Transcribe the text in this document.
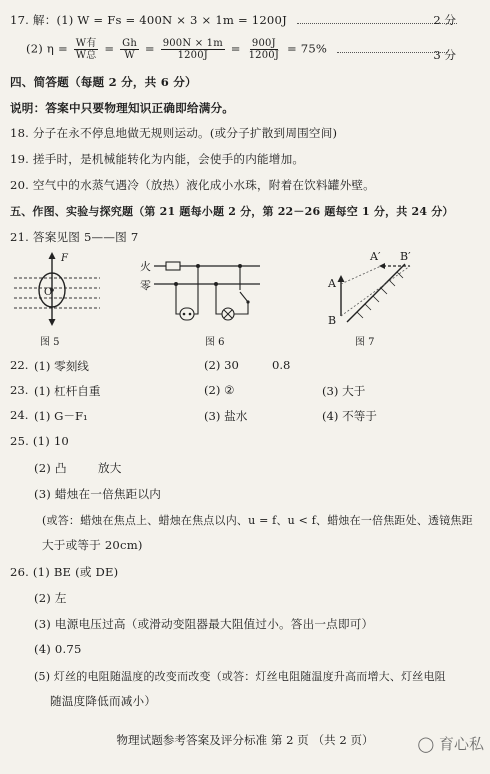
17. 解：(1) W = Fs = 400N × 3 × 1m = 1200J	2 分
(2) $\eta = \frac{\text{W有}}{\text{W总}} = \frac{Gh}{W} = \frac{900N \times 1m}{1200J} = \frac{900J}{1200J} = 75\%$	3 分
四、简答题（每题 2 分，共 6 分）
说明：答案中只要物理知识正确即给满分。
18. 分子在永不停息地做无规则运动。(或分子扩散到周围空间)
19. 搓手时，是机械能转化为内能，会使手的内能增加。
20. 空气中的水蒸气遇冷（放热）液化成小水珠，附着在饮料罐外壁。
五、作图、实验与探究题（第 21 题每小题 2 分，第 22－26 题每空 1 分，共 24 分）
21. 答案见图 5——图 7
F
O
图 5
火
零
图 6
A
B
A′ B′
图 7
22. (1) 零刻线	(2) 30	0.8
23. (1) 杠杆自重	(2) ②	(3) 大于
24. (1) G－F₁	(3) 盐水	(4) 不等于
25. (1) 10
(2) 凸	放大
(3) 蜡烛在一倍焦距以内
(或答：蜡烛在焦点上、蜡烛在焦点以内、u = f、u < f、蜡烛在一倍焦距处、透镜焦距
大于或等于 20cm)
26. (1) BE (或 DE)
(2) 左
(3) 电源电压过高（或滑动变阻器最大阻值过小。答出一点即可）
(4) 0.75
(5) 灯丝的电阻随温度的改变而改变（或答：灯丝电阻随温度升高而增大、灯丝电阻
随温度降低而减小）
物理试题参考答案及评分标准 第 2 页 （共 2 页）	◯ 育心私
